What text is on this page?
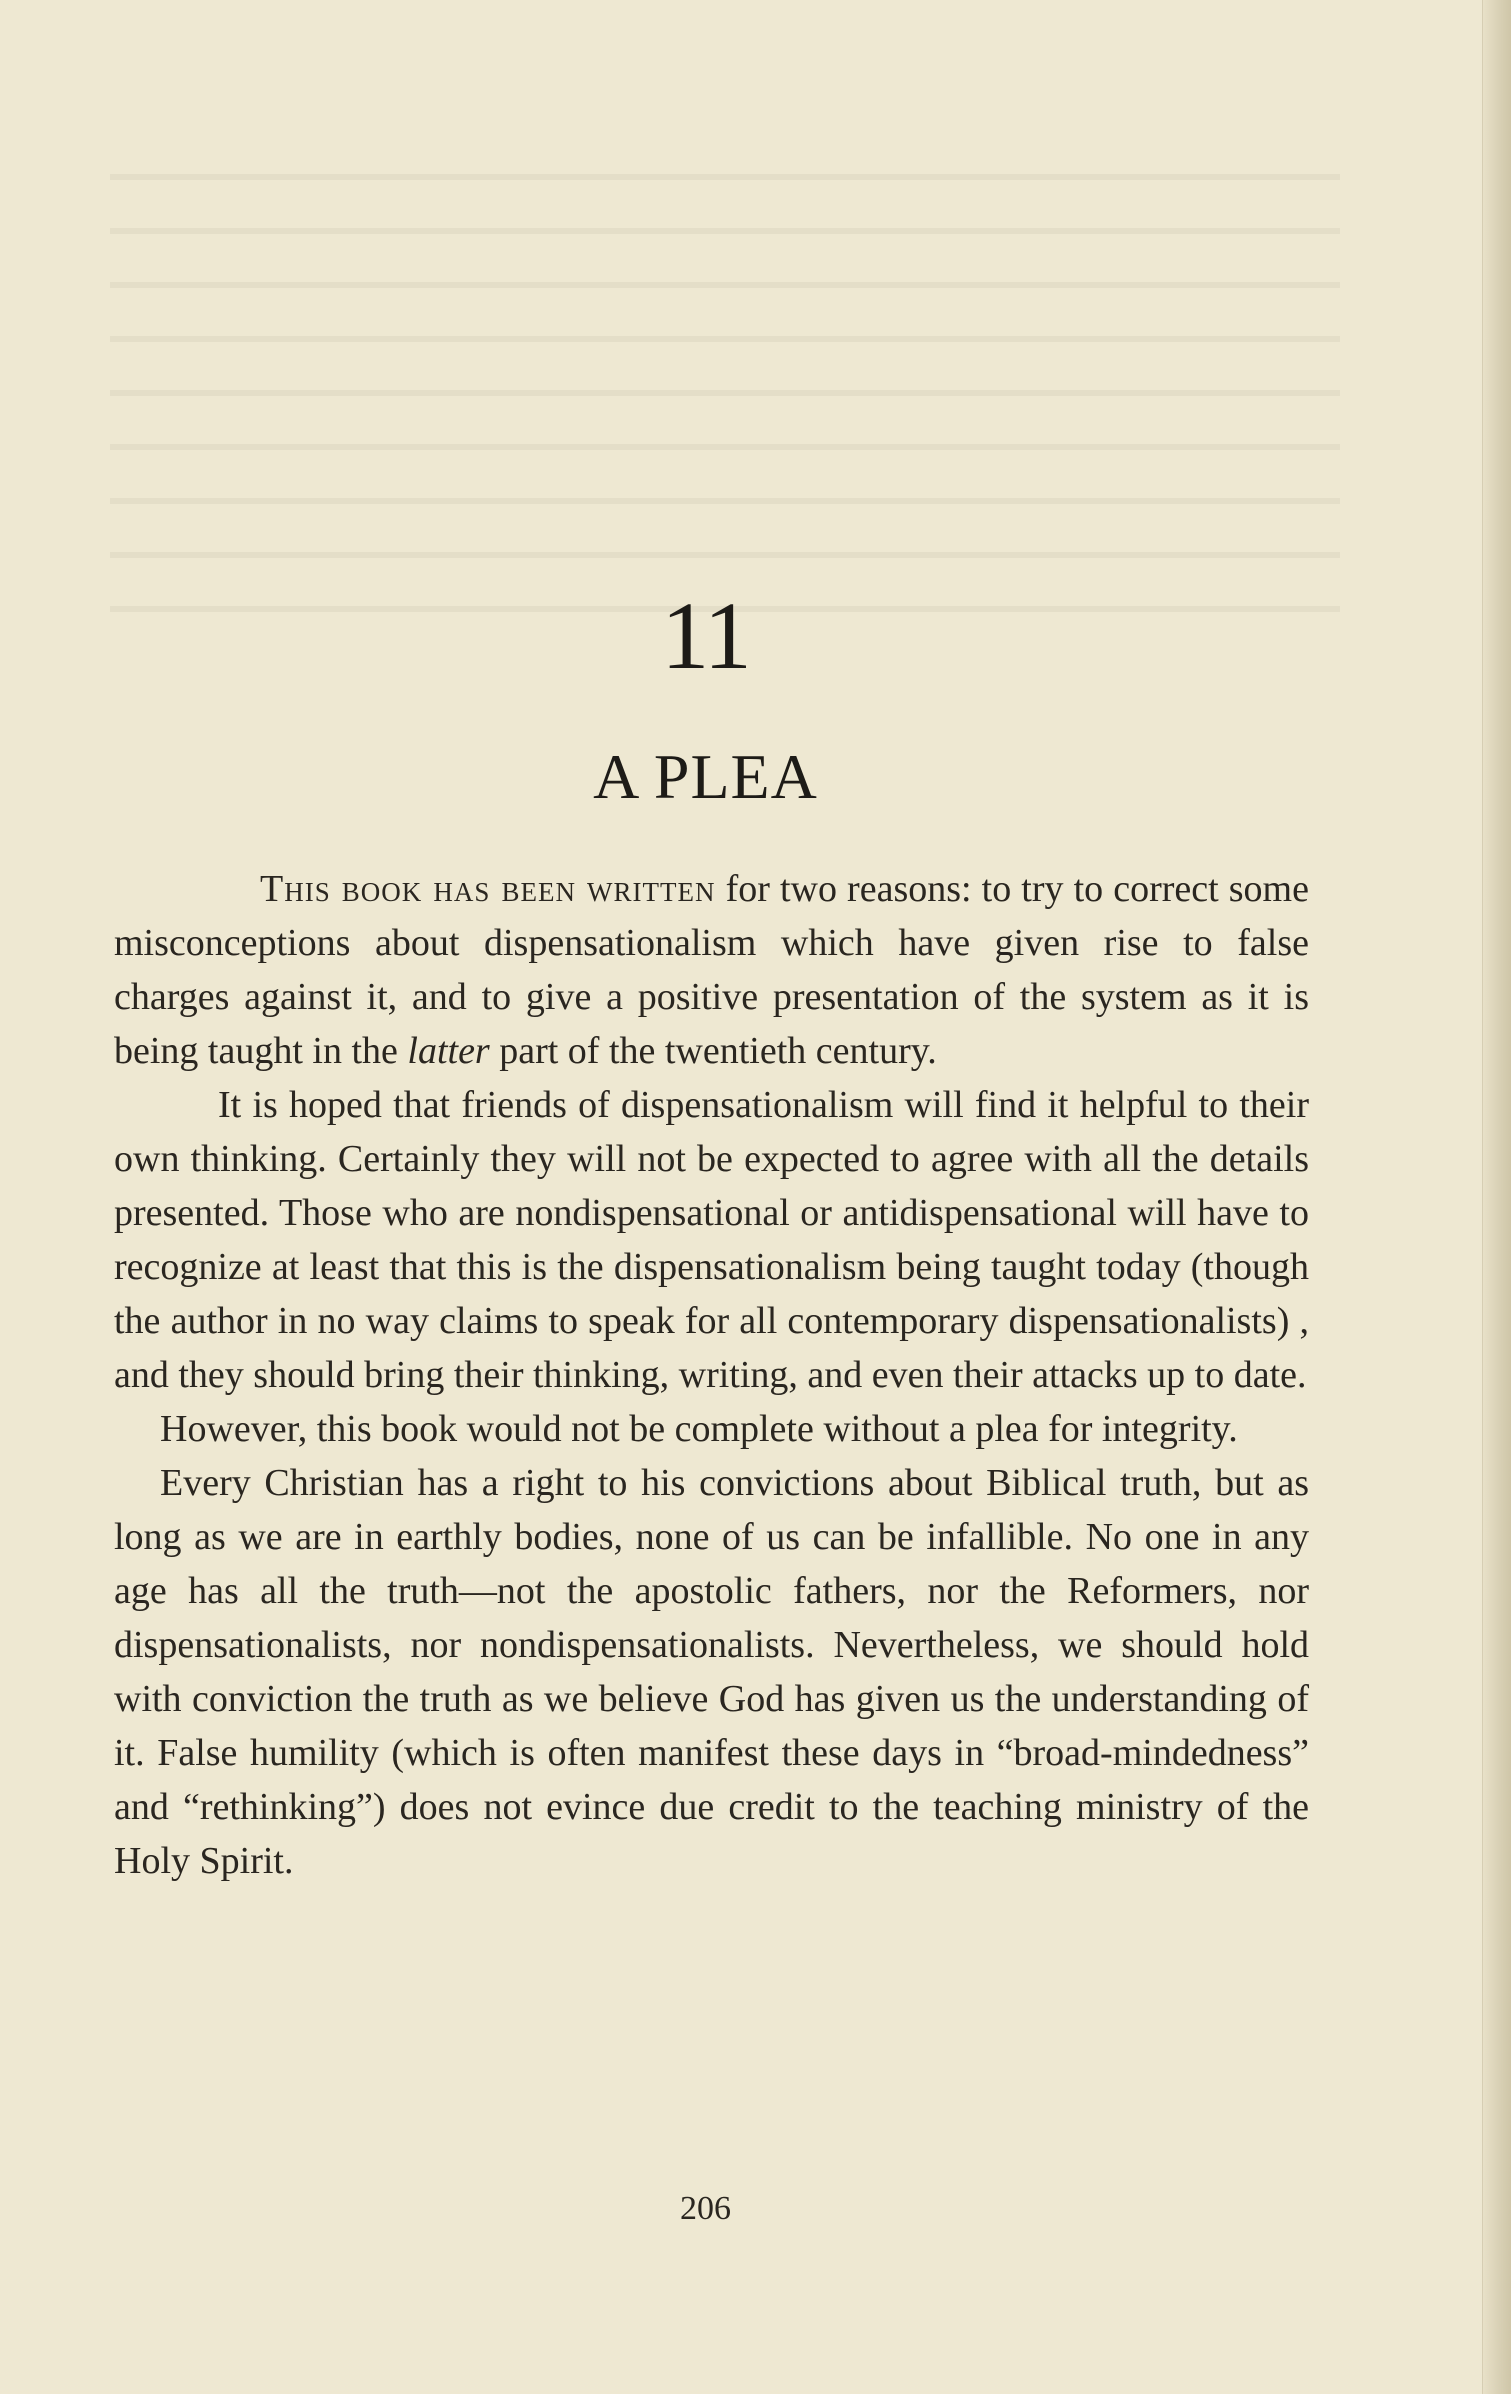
11
A PLEA

This book has been written for two reasons: to try to correct some misconceptions about dispensationalism which have given rise to false charges against it, and to give a positive presentation of the system as it is being taught in the latter part of the twentieth century.

It is hoped that friends of dispensationalism will find it helpful to their own thinking. Certainly they will not be expected to agree with all the details presented. Those who are nondispensational or antidispensational will have to recognize at least that this is the dispensationalism being taught today (though the author in no way claims to speak for all contemporary dispensationalists) , and they should bring their thinking, writing, and even their attacks up to date.

However, this book would not be complete without a plea for integrity.

Every Christian has a right to his convictions about Biblical truth, but as long as we are in earthly bodies, none of us can be infallible. No one in any age has all the truth—not the apostolic fathers, nor the Reformers, nor dispensationalists, nor nondispensationalists. Nevertheless, we should hold with conviction the truth as we believe God has given us the understanding of it. False humility (which is often manifest these days in “broad-mindedness” and “rethinking”) does not evince due credit to the teaching ministry of the Holy Spirit.

206
